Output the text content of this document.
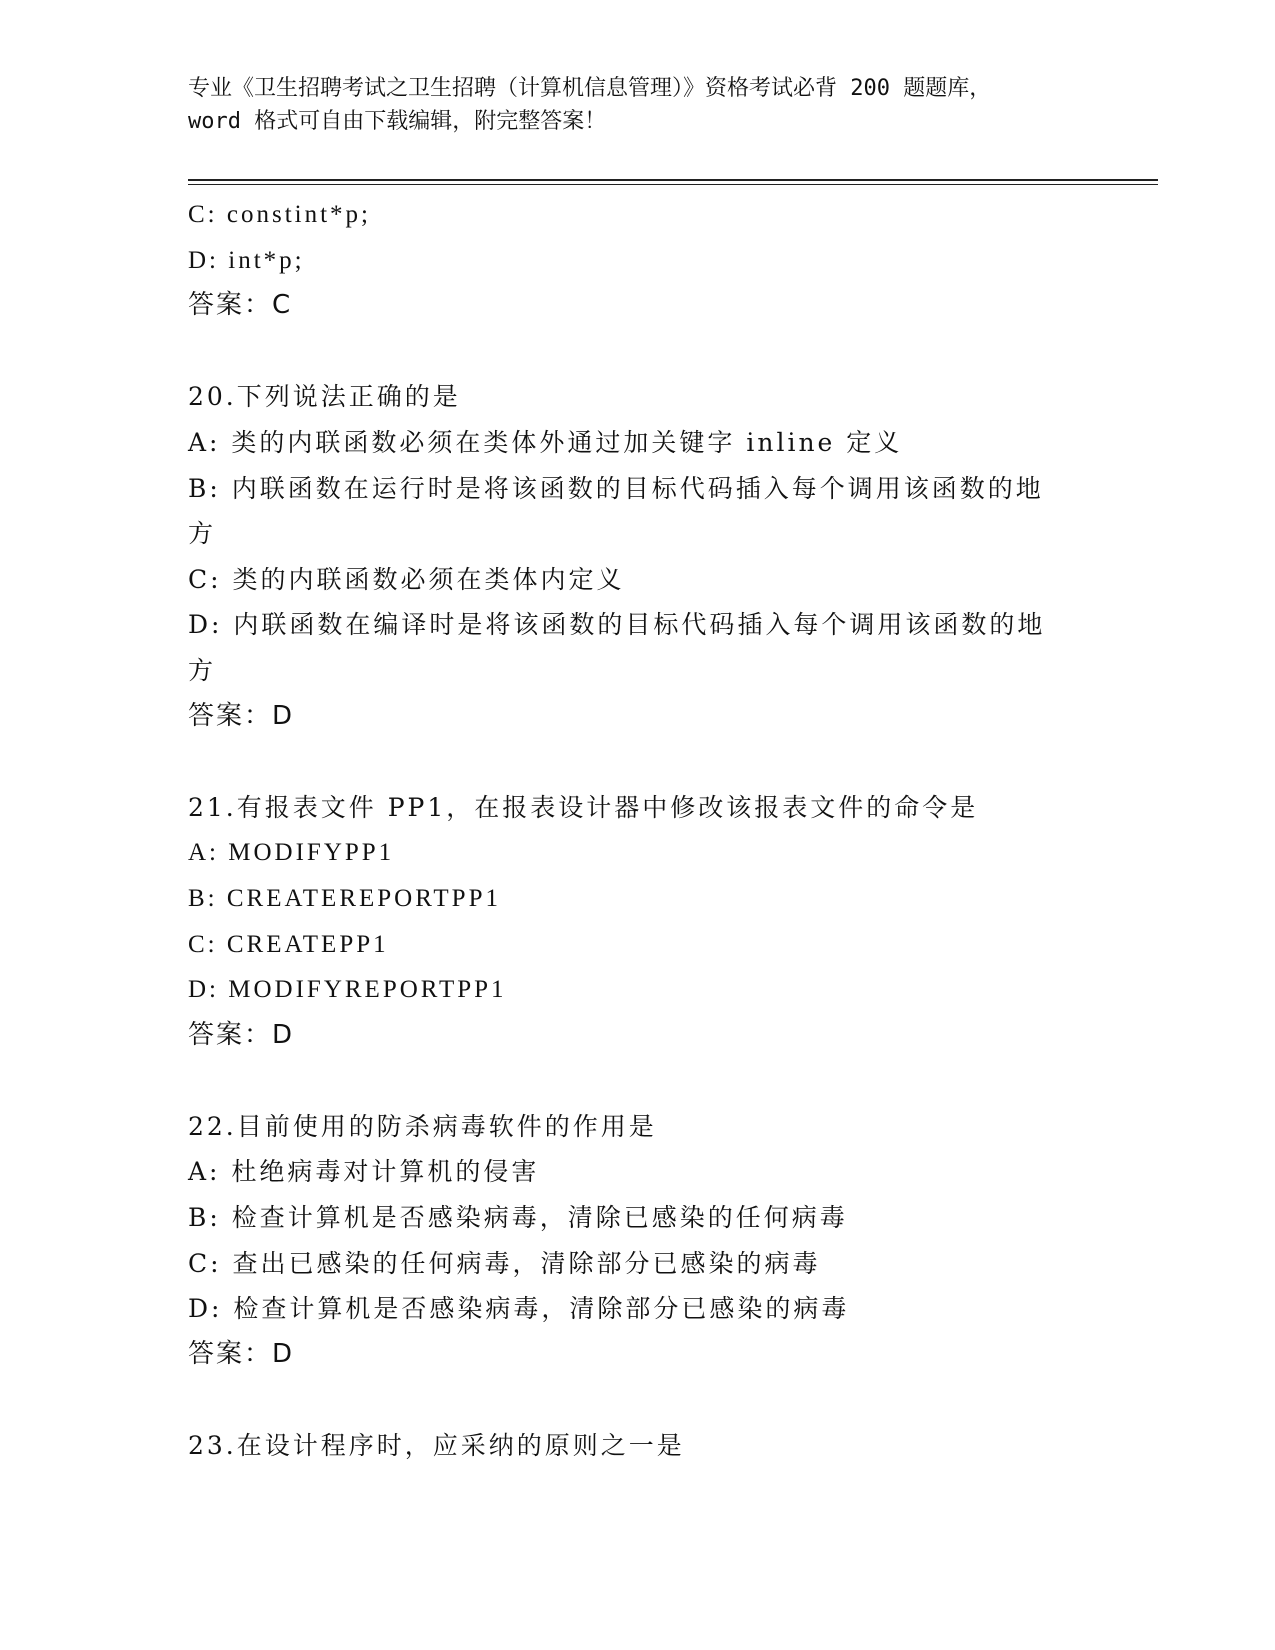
专业《卫生招聘考试之卫生招聘（计算机信息管理）》资格考试必背 200 题题库，
word 格式可自由下载编辑，附完整答案！
C: constint*p;
D: int*p;
答案：C
20.下列说法正确的是
A: 类的内联函数必须在类体外通过加关键字 inline 定义
B: 内联函数在运行时是将该函数的目标代码插入每个调用该函数的地
方
C: 类的内联函数必须在类体内定义
D: 内联函数在编译时是将该函数的目标代码插入每个调用该函数的地
方
答案：D
21.有报表文件 PP1，在报表设计器中修改该报表文件的命令是
A: MODIFYPP1
B: CREATEREPORTPP1
C: CREATEPP1
D: MODIFYREPORTPP1
答案：D
22.目前使用的防杀病毒软件的作用是
A: 杜绝病毒对计算机的侵害
B: 检查计算机是否感染病毒，清除已感染的任何病毒
C: 查出已感染的任何病毒，清除部分已感染的病毒
D: 检查计算机是否感染病毒，清除部分已感染的病毒
答案：D
23.在设计程序时，应采纳的原则之一是
